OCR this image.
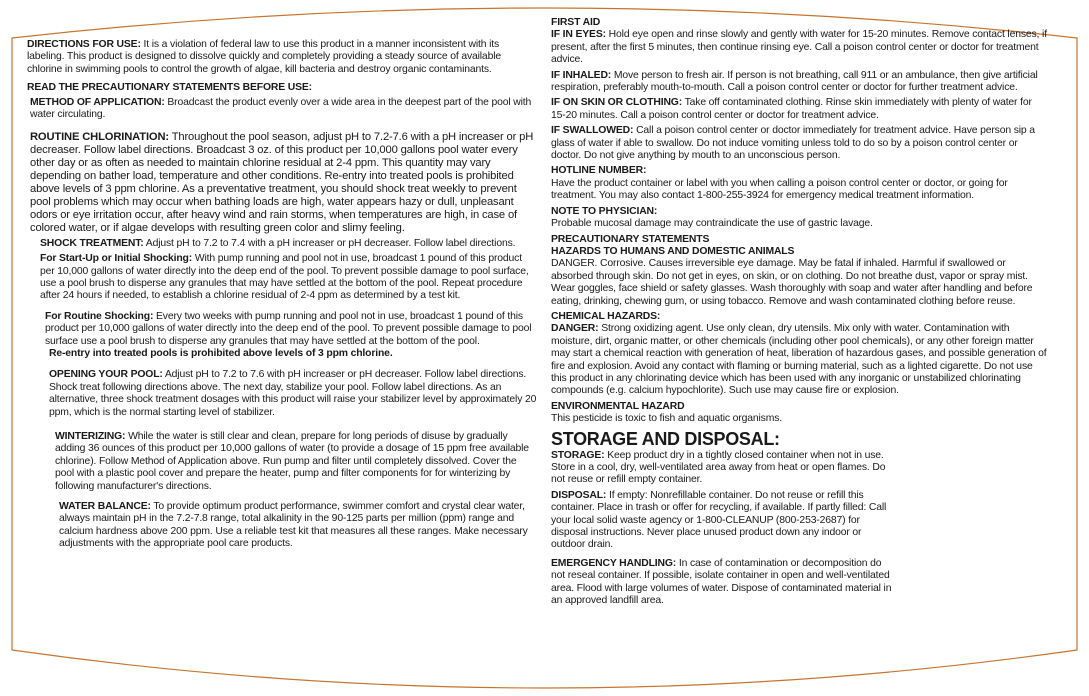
DIRECTIONS FOR USE: It is a violation of federal law to use this product in a manner inconsistent with its labeling. This product is designed to dissolve quickly and completely providing a steady source of available chlorine in swimming pools to control the growth of algae, kill bacteria and destroy organic contaminants.

READ THE PRECAUTIONARY STATEMENTS BEFORE USE:

METHOD OF APPLICATION: Broadcast the product evenly over a wide area in the deepest part of the pool with water circulating.

ROUTINE CHLORINATION: Throughout the pool season, adjust pH to 7.2-7.6 with a pH increaser or pH decreaser. Follow label directions. Broadcast 3 oz. of this product per 10,000 gallons pool water every other day or as often as needed to maintain chlorine residual at 2-4 ppm. This quantity may vary depending on bather load, temperature and other conditions. Re-entry into treated pools is prohibited above levels of 3 ppm chlorine. As a preventative treatment, you should shock treat weekly to prevent pool problems which may occur when bathing loads are high, water appears hazy or dull, unpleasant odors or eye irritation occur, after heavy wind and rain storms, when temperatures are high, in case of colored water, or if algae develops with resulting green color and slimy feeling.

SHOCK TREATMENT: Adjust pH to 7.2 to 7.4 with a pH increaser or pH decreaser. Follow label directions.

For Start-Up or Initial Shocking: With pump running and pool not in use, broadcast 1 pound of this product per 10,000 gallons of water directly into the deep end of the pool. To prevent possible damage to pool surface, use a pool brush to disperse any granules that may have settled at the bottom of the pool. Repeat procedure after 24 hours if needed, to establish a chlorine residual of 2-4 ppm as determined by a test kit.

For Routine Shocking: Every two weeks with pump running and pool not in use, broadcast 1 pound of this product per 10,000 gallons of water directly into the deep end of the pool. To prevent possible damage to pool surface use a pool brush to disperse any granules that may have settled at the bottom of the pool.

Re-entry into treated pools is prohibited above levels of 3 ppm chlorine.

OPENING YOUR POOL: Adjust pH to 7.2 to 7.6 with pH increaser or pH decreaser. Follow label directions. Shock treat following directions above. The next day, stabilize your pool. Follow label directions. As an alternative, three shock treatment dosages with this product will raise your stabilizer level by approximately 20 ppm, which is the normal starting level of stabilizer.

WINTERIZING: While the water is still clear and clean, prepare for long periods of disuse by gradually adding 36 ounces of this product per 10,000 gallons of water (to provide a dosage of 15 ppm free available chlorine). Follow Method of Application above. Run pump and filter until completely dissolved. Cover the pool with a plastic pool cover and prepare the heater, pump and filter components for for winterizing by following manufacturer's directions.

WATER BALANCE: To provide optimum product performance, swimmer comfort and crystal clear water, always maintain pH in the 7.2-7.8 range, total alkalinity in the 90-125 parts per million (ppm) range and calcium hardness above 200 ppm. Use a reliable test kit that measures all these ranges. Make necessary adjustments with the appropriate pool care products.

FIRST AID

IF IN EYES: Hold eye open and rinse slowly and gently with water for 15-20 minutes. Remove contact lenses, if present, after the first 5 minutes, then continue rinsing eye. Call a poison control center or doctor for treatment advice.

IF INHALED: Move person to fresh air. If person is not breathing, call 911 or an ambulance, then give artificial respiration, preferably mouth-to-mouth. Call a poison control center or doctor for further treatment advice.

IF ON SKIN OR CLOTHING: Take off contaminated clothing. Rinse skin immediately with plenty of water for 15-20 minutes. Call a poison control center or doctor for treatment advice.

IF SWALLOWED: Call a poison control center or doctor immediately for treatment advice. Have person sip a glass of water if able to swallow. Do not induce vomiting unless told to do so by a poison control center or doctor. Do not give anything by mouth to an unconscious person.

HOTLINE NUMBER:

Have the product container or label with you when calling a poison control center or doctor, or going for treatment. You may also contact 1-800-255-3924 for emergency medical treatment information.

NOTE TO PHYSICIAN:

Probable mucosal damage may contraindicate the use of gastric lavage.

PRECAUTIONARY STATEMENTS

HAZARDS TO HUMANS AND DOMESTIC ANIMALS

DANGER. Corrosive. Causes irreversible eye damage. May be fatal if inhaled. Harmful if swallowed or absorbed through skin. Do not get in eyes, on skin, or on clothing. Do not breathe dust, vapor or spray mist. Wear goggles, face shield or safety glasses. Wash thoroughly with soap and water after handling and before eating, drinking, chewing gum, or using tobacco. Remove and wash contaminated clothing before reuse.

CHEMICAL HAZARDS:

DANGER: Strong oxidizing agent. Use only clean, dry utensils. Mix only with water. Contamination with moisture, dirt, organic matter, or other chemicals (including other pool chemicals), or any other foreign matter may start a chemical reaction with generation of heat, liberation of hazardous gases, and possible generation of fire and explosion. Avoid any contact with flaming or burning material, such as a lighted cigarette. Do not use this product in any chlorinating device which has been used with any inorganic or unstabilized chlorinating compounds (e.g. calcium hypochlorite). Such use may cause fire or explosion.

ENVIRONMENTAL HAZARD

This pesticide is toxic to fish and aquatic organisms.

STORAGE AND DISPOSAL:

STORAGE: Keep product dry in a tightly closed container when not in use. Store in a cool, dry, well-ventilated area away from heat or open flames. Do not reuse or refill empty container.

DISPOSAL: If empty: Nonrefillable container. Do not reuse or refill this container. Place in trash or offer for recycling, if available. If partly filled: Call your local solid waste agency or 1-800-CLEANUP (800-253-2687) for disposal instructions. Never place unused product down any indoor or outdoor drain.

EMERGENCY HANDLING: In case of contamination or decomposition do not reseal container. If possible, isolate container in open and well-ventilated area. Flood with large volumes of water. Dispose of contaminated material in an approved landfill area.
